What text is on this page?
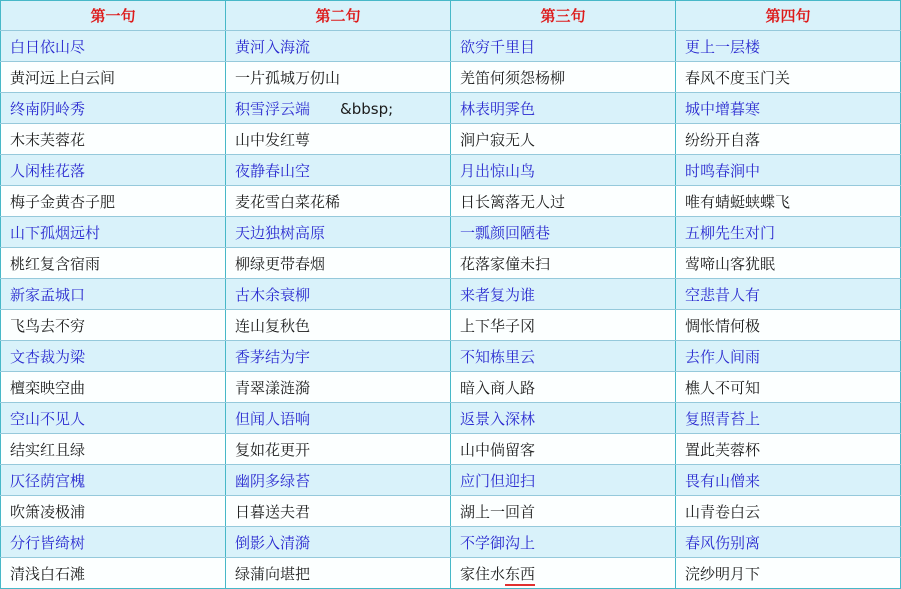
第一句	第二句	第三句	第四句
白日依山尽	黄河入海流	欲穷千里目	更上一层楼
黄河远上白云间	一片孤城万仞山	羌笛何须怨杨柳	春风不度玉门关
终南阴岭秀	积雪浮云端 &bbsp;	林表明霁色	城中增暮寒
木末芙蓉花	山中发红萼	涧户寂无人	纷纷开自落
人闲桂花落	夜静春山空	月出惊山鸟	时鸣春涧中
梅子金黄杏子肥	麦花雪白菜花稀	日长篱落无人过	唯有蜻蜓蛱蝶飞
山下孤烟远村	天边独树高原	一瓢颜回陋巷	五柳先生对门
桃红复含宿雨	柳绿更带春烟	花落家僮未扫	莺啼山客犹眠
新家孟城口	古木余衰柳	来者复为谁	空悲昔人有
飞鸟去不穷	连山复秋色	上下华子冈	惆怅情何极
文杏裁为梁	香茅结为宇	不知栋里云	去作人间雨
檀栾映空曲	青翠漾涟漪	暗入商人路	樵人不可知
空山不见人	但闻人语响	返景入深林	复照青苔上
结实红且绿	复如花更开	山中倘留客	置此芙蓉杯
仄径荫宫槐	幽阴多绿苔	应门但迎扫	畏有山僧来
吹箫凌极浦	日暮送夫君	湖上一回首	山青卷白云
分行皆绮树	倒影入清漪	不学御沟上	春风伤别离
清浅白石滩	绿蒲向堪把	家住水东西	浣纱明月下
